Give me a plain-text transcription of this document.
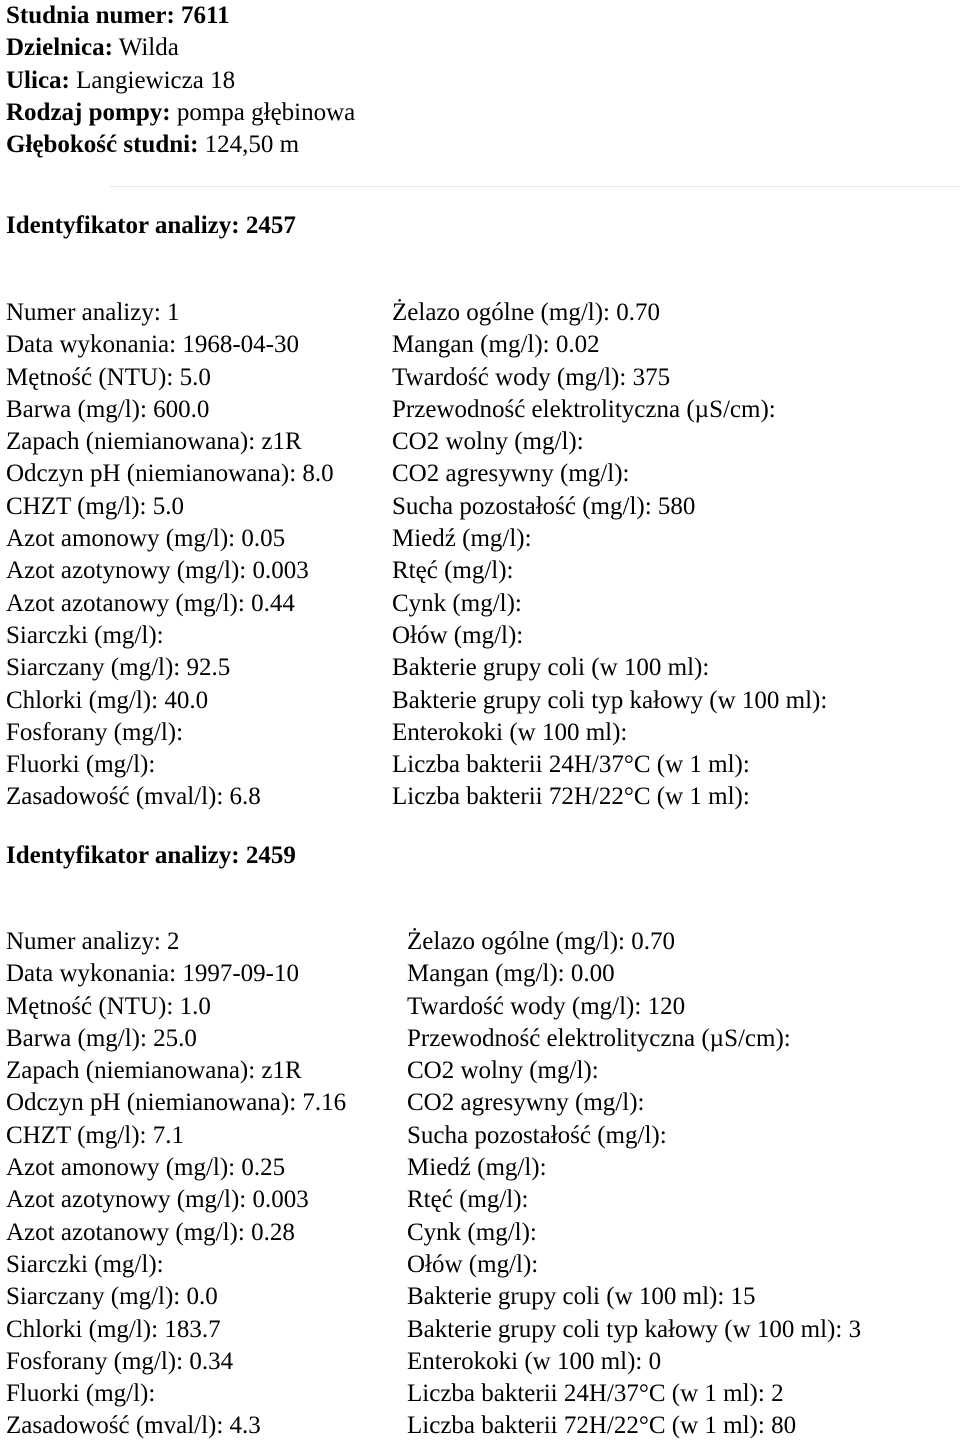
Studnia numer: 7611
Dzielnica: Wilda
Ulica: Langiewicza 18
Rodzaj pompy: pompa głębinowa
Głębokość studni: 124,50 m
Identyfikator analizy: 2457
Numer analizy: 1
Data wykonania: 1968-04-30
Mętność (NTU): 5.0
Barwa (mg/l): 600.0
Zapach (niemianowana): z1R
Odczyn pH (niemianowana): 8.0
CHZT (mg/l): 5.0
Azot amonowy (mg/l): 0.05
Azot azotynowy (mg/l): 0.003
Azot azotanowy (mg/l): 0.44
Siarczki (mg/l):
Siarczany (mg/l): 92.5
Chlorki (mg/l): 40.0
Fosforany (mg/l):
Fluorki (mg/l):
Zasadowość (mval/l): 6.8
Żelazo ogólne (mg/l): 0.70
Mangan (mg/l): 0.02
Twardość wody (mg/l): 375
Przewodność elektrolityczna (µS/cm):
CO2 wolny (mg/l):
CO2 agresywny (mg/l):
Sucha pozostałość (mg/l): 580
Miedź (mg/l):
Rtęć (mg/l):
Cynk (mg/l):
Ołów (mg/l):
Bakterie grupy coli (w 100 ml):
Bakterie grupy coli typ kałowy (w 100 ml):
Enterokoki (w 100 ml):
Liczba bakterii 24H/37°C (w 1 ml):
Liczba bakterii 72H/22°C (w 1 ml):
Identyfikator analizy: 2459
Numer analizy: 2
Data wykonania: 1997-09-10
Mętność (NTU): 1.0
Barwa (mg/l): 25.0
Zapach (niemianowana): z1R
Odczyn pH (niemianowana): 7.16
CHZT (mg/l): 7.1
Azot amonowy (mg/l): 0.25
Azot azotynowy (mg/l): 0.003
Azot azotanowy (mg/l): 0.28
Siarczki (mg/l):
Siarczany (mg/l): 0.0
Chlorki (mg/l): 183.7
Fosforany (mg/l): 0.34
Fluorki (mg/l):
Zasadowość (mval/l): 4.3
Żelazo ogólne (mg/l): 0.70
Mangan (mg/l): 0.00
Twardość wody (mg/l): 120
Przewodność elektrolityczna (µS/cm):
CO2 wolny (mg/l):
CO2 agresywny (mg/l):
Sucha pozostałość (mg/l):
Miedź (mg/l):
Rtęć (mg/l):
Cynk (mg/l):
Ołów (mg/l):
Bakterie grupy coli (w 100 ml): 15
Bakterie grupy coli typ kałowy (w 100 ml): 3
Enterokoki (w 100 ml): 0
Liczba bakterii 24H/37°C (w 1 ml): 2
Liczba bakterii 72H/22°C (w 1 ml): 80
